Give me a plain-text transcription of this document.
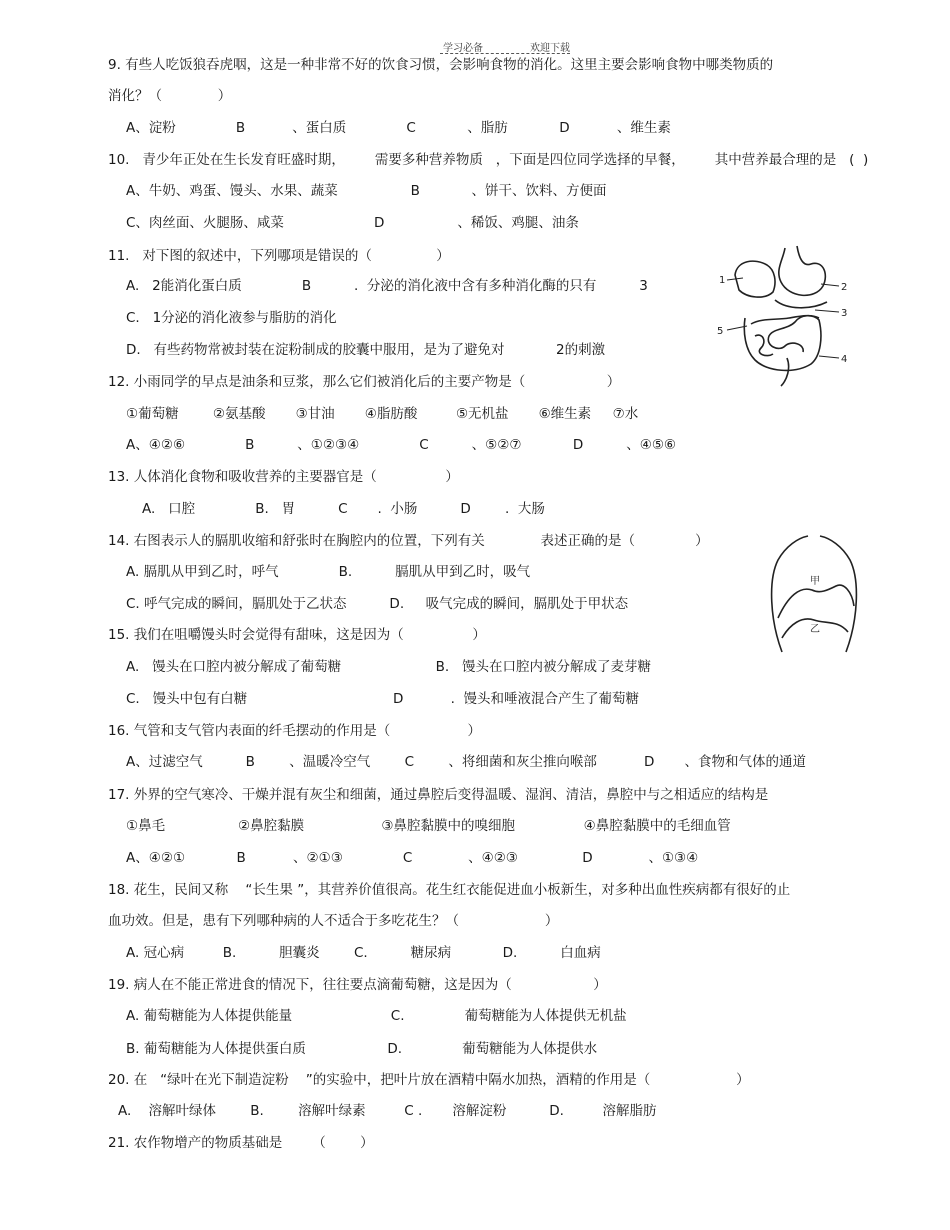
学习必备	欢迎下载
9. 有些人吃饭狼吞虎咽，这是一种非常不好的饮食习惯，会影响食物的消化。这里主要会影响食物中哪类物质的
消化？（             ）
A、淀粉              B           、蛋白质              C            、脂肪            D           、维生素
10.   青少年正处在生长发育旺盛时期，       需要多种营养物质   ，下面是四位同学选择的早餐，       其中营养最合理的是   (  )
A、牛奶、鸡蛋、馒头、水果、蔬菜                 B            、饼干、饮料、方便面
C、肉丝面、火腿肠、咸菜                     D                 、稀饭、鸡腿、油条
11.   对下图的叙述中，下列哪项是错误的（               ）
A.   2能消化蛋白质              B          .  分泌的消化液中含有多种消化酶的只有          3
C.   1分泌的消化液参与脂肪的消化
D.   有些药物常被封装在淀粉制成的胶囊中服用，是为了避免对            2的刺激
12. 小雨同学的早点是油条和豆浆，那么它们被消化后的主要产物是（                   ）
①葡萄糖        ②氨基酸       ③甘油       ④脂肪酸         ⑤无机盐       ⑥维生素     ⑦水
A、④②⑥              B          、①②③④              C          、⑤②⑦            D          、④⑤⑥
13. 人体消化食物和吸收营养的主要器官是（                ）
A.   口腔              B.   胃          C       .  小肠          D        .  大肠
14. 右图表示人的膈肌收缩和舒张时在胸腔内的位置，下列有关             表述正确的是（              ）
A. 膈肌从甲到乙时，呼气              B.          膈肌从甲到乙时，吸气
C. 呼气完成的瞬间，膈肌处于乙状态          D.     吸气完成的瞬间，膈肌处于甲状态
15. 我们在咀嚼馒头时会觉得有甜味，这是因为（                ）
A.   馒头在口腔内被分解成了葡萄糖                      B.   馒头在口腔内被分解成了麦芽糖
C.   馒头中包有白糖                                  D           .  馒头和唾液混合产生了葡萄糖
16. 气管和支气管内表面的纤毛摆动的作用是（                  ）
A、过滤空气          B        、温暖冷空气        C        、将细菌和灰尘推向喉部           D       、食物和气体的通道
17. 外界的空气寒冷、干燥并混有灰尘和细菌，通过鼻腔后变得温暖、湿润、清洁，鼻腔中与之相适应的结构是
①鼻毛                 ②鼻腔黏膜                  ③鼻腔黏膜中的嗅细胞                ④鼻腔黏膜中的毛细血管
A、④②①            B           、②①③              C             、④②③               D             、①③④
18. 花生，民间又称    “长生果 ”，其营养价值很高。花生红衣能促进血小板新生，对多种出血性疾病都有很好的止
血功效。但是，患有下列哪种病的人不适合于多吃花生？（                    ）
A. 冠心病         B.          胆囊炎        C.          糖尿病            D.          白血病
19. 病人在不能正常进食的情况下，往往要点滴葡萄糖，这是因为（                   ）
A. 葡萄糖能为人体提供能量                       C.              葡萄糖能为人体提供无机盐
B. 葡萄糖能为人体提供蛋白质                   D.              葡萄糖能为人体提供水
20. 在   “绿叶在光下制造淀粉    ”的实验中，把叶片放在酒精中隔水加热，酒精的作用是（                    ）
A.    溶解叶绿体        B.        溶解叶绿素         C .       溶解淀粉          D.         溶解脂肪
21. 农作物增产的物质基础是       （        ）
1
2
3
5
4
甲
乙
